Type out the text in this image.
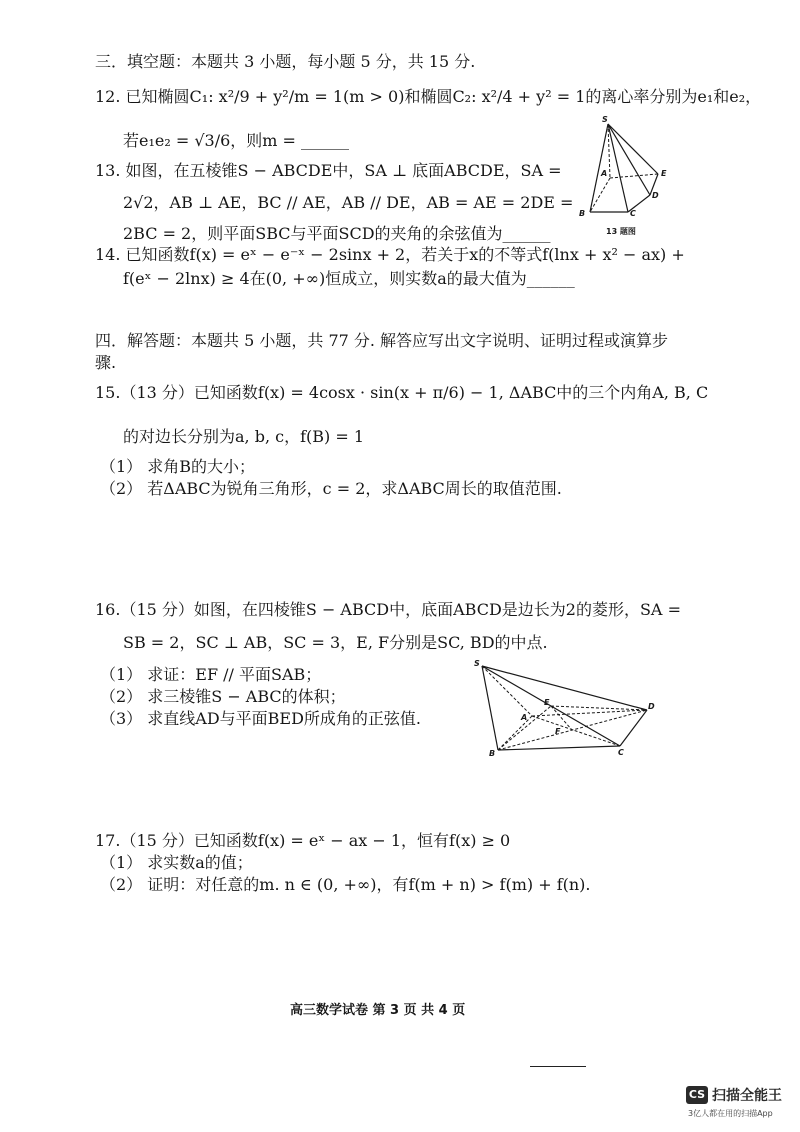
三．填空题：本题共 3 小题，每小题 5 分，共 15 分.
12. 已知椭圆C₁: x²/9 + y²/m = 1(m > 0)和椭圆C₂: x²/4 + y² = 1的离心率分别为e₁和e₂，
若e₁e₂ = √3/6，则m = ______
13. 如图，在五棱锥S − ABCDE中，SA ⊥ 底面ABCDE，SA =
2√2，AB ⊥ AE，BC // AE，AB // DE，AB = AE = 2DE =
2BC = 2，则平面SBC与平面SCD的夹角的余弦值为______
14. 已知函数f(x) = eˣ − e⁻ˣ − 2sinx + 2，若关于x的不等式f(lnx + x² − ax) +
f(eˣ − 2lnx) ≥ 4在(0, +∞)恒成立，则实数a的最大值为______
S
A	E
D
B	C
13 题图
四．解答题：本题共 5 小题，共 77 分. 解答应写出文字说明、证明过程或演算步
骤.
15.（13 分）已知函数f(x) = 4cosx · sin(x + π/6) − 1, ΔABC中的三个内角A, B, C
的对边长分别为a, b, c，f(B) = 1
（1） 求角B的大小；
（2） 若ΔABC为锐角三角形，c = 2，求ΔABC周长的取值范围.
16.（15 分）如图，在四棱锥S − ABCD中，底面ABCD是边长为2的菱形，SA =
SB = 2，SC ⊥ AB，SC = 3，E, F分别是SC, BD的中点.
（1） 求证：EF // 平面SAB；
（2） 求三棱锥S − ABC的体积；
（3） 求直线AD与平面BED所成角的正弦值.
S
A
E
F
D
B	C
17.（15 分）已知函数f(x) = eˣ − ax − 1，恒有f(x) ≥ 0
（1） 求实数a的值；
（2） 证明：对任意的m. n ∈ (0, +∞)，有f(m + n) > f(m) + f(n).
高三数学试卷 第 3 页 共 4 页
CS 扫描全能王
3亿人都在用的扫描App
